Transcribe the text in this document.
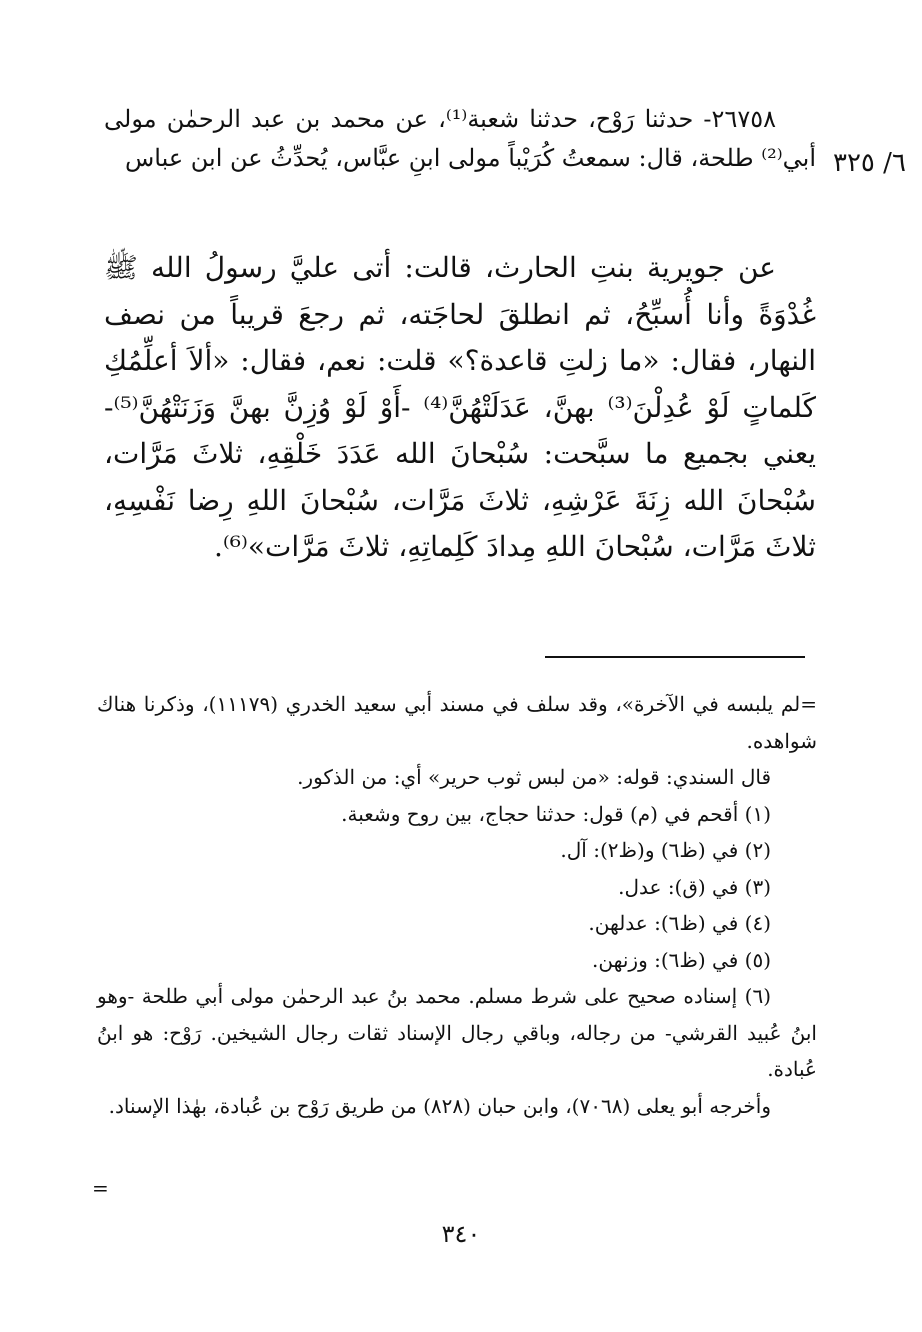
٦/ ٣٢٥

٢٦٧٥٨- حدثنا رَوْح، حدثنا شعبة⁽¹⁾، عن محمد بن عبد الرحمٰن مولى أبي⁽²⁾ طلحة، قال: سمعتُ كُرَيْباً مولى ابنِ عبَّاس، يُحدِّثُ عن ابن عباس

عن جويرية بنتِ الحارث، قالت: أتى عليَّ رسولُ الله ﷺ غُدْوَةً وأنا أُسبِّحُ، ثم انطلقَ لحاجَته، ثم رجعَ قريباً من نصف النهار، فقال: «ما زلتِ قاعدة؟» قلت: نعم، فقال: «ألاَ أعلِّمُكِ كَلماتٍ لَوْ عُدِلْنَ⁽³⁾ بهنَّ، عَدَلَتْهُنَّ⁽⁴⁾ -أَوْ لَوْ وُزِنَّ بهنَّ وَزَنَتْهُنَّ⁽⁵⁾- يعني بجميع ما سبَّحت: سُبْحانَ الله عَدَدَ خَلْقِهِ، ثلاثَ مَرَّات، سُبْحانَ الله زِنَةَ عَرْشِهِ، ثلاثَ مَرَّات، سُبْحانَ اللهِ رِضا نَفْسِهِ، ثلاثَ مَرَّات، سُبْحانَ اللهِ مِدادَ كَلِماتِهِ، ثلاثَ مَرَّات»⁽⁶⁾.

=لم يلبسه في الآخرة»، وقد سلف في مسند أبي سعيد الخدري (١١١٧٩)، وذكرنا هناك شواهده.

قال السندي: قوله: «من لبس ثوب حرير» أي: من الذكور.

(١) أقحم في (م) قول: حدثنا حجاج، بين روح وشعبة.

(٢) في (ظ٦) و(ظ٢): آل.

(٣) في (ق): عدل.

(٤) في (ظ٦): عدلهن.

(٥) في (ظ٦): وزنهن.

(٦) إسناده صحيح على شرط مسلم. محمد بنُ عبد الرحمٰن مولى أبي طلحة -وهو ابنُ عُبيد القرشي- من رجاله، وباقي رجال الإسناد ثقات رجال الشيخين. رَوْح: هو ابنُ عُبادة.

وأخرجه أبو يعلى (٧٠٦٨)، وابن حبان (٨٢٨) من طريق رَوْح بن عُبادة، بهٰذا الإسناد.

=
٣٤٠
